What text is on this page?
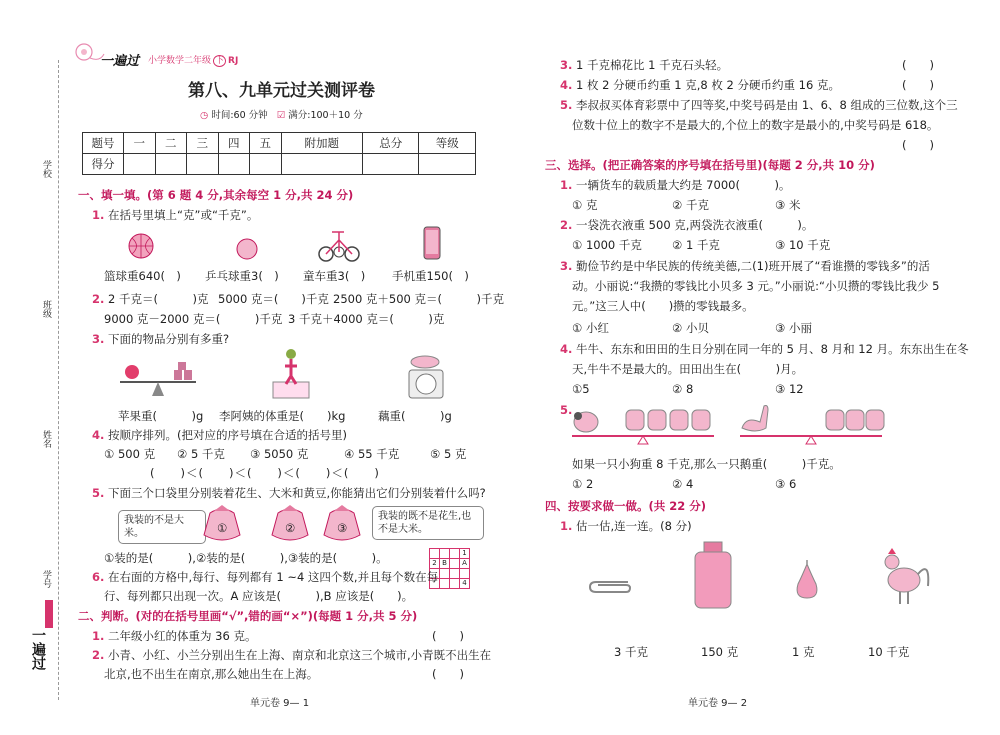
学校
班级
姓名
学号
一遍过
一遍过 小学数学二年级 下 RJ
第八、九单元过关测评卷
◷ 时间:60 分钟 ☑ 满分:100＋10 分
题号	一	二	三	四	五	附加题	总分	等级
得分								
一、填一填。(第 6 题 4 分,其余每空 1 分,共 24 分)
1. 在括号里填上“克”或“千克”。
篮球重640(　) 乒乓球重3(　) 童车重3(　) 手机重150(　)
2. 2 千克＝(　　　)克 5000 克＝(　　)千克 2500 克＋500 克＝(　　　)千克
9000 克－2000 克＝(　　　)千克 3 千克＋4000 克＝(　　　)克
3. 下面的物品分别有多重?
苹果重(　　　)g 李阿姨的体重是(　　)kg	藕重(　　　)g
4. 按顺序排列。(把对应的序号填在合适的括号里)
① 500 克 ② 5 千克 ③ 5050 克	④ 55 千克	⑤ 5 克
(　　)＜(　　)＜(　　)＜(　　)＜(　　)
5. 下面三个口袋里分别装着花生、大米和黄豆,你能猜出它们分别装着什么吗?
我装的不是大米。
我装的既不是花生,也不是大米。
①	②	③
①装的是(　　　),②装的是(　　　),③装的是(　　　)。
				1
2	B		A

			4
6. 在右面的方格中,每行、每列都有 1 ~4 这四个数,并且每个数在每
行、每列都只出现一次。A 应该是(　　　),B 应该是(　　)。
二、判断。(对的在括号里画“√”,错的画“×”)(每题 1 分,共 5 分)
1. 二年级小红的体重为 36 克。	(　　)
2. 小青、小红、小兰分别出生在上海、南京和北京这三个城市,小青既不出生在
北京,也不出生在南京,那么她出生在上海。	(　　)
单元卷 9— 1
3. 1 千克棉花比 1 千克石头轻。	(　　)
4. 1 枚 2 分硬币约重 1 克,8 枚 2 分硬币约重 16 克。	(　　)
5. 李叔叔买体育彩票中了四等奖,中奖号码是由 1、6、8 组成的三位数,这个三
位数十位上的数字不是最大的,个位上的数字是最小的,中奖号码是 618。
(　　)
三、选择。(把正确答案的序号填在括号里)(每题 2 分,共 10 分)
1. 一辆货车的载质量大约是 7000(　　　)。
① 克	② 千克	③ 米
2. 一袋洗衣液重 500 克,两袋洗衣液重(　　　)。
① 1000 千克	② 1 千克	③ 10 千克
3. 勤俭节约是中华民族的传统美德,二(1)班开展了“看谁攒的零钱多”的活
动。小丽说:“我攒的零钱比小贝多 3 元。”小丽说:“小贝攒的零钱比我少 5
元。”这三人中(　　)攒的零钱最多。
① 小红	② 小贝	③ 小丽
4. 牛牛、东东和田田的生日分别在同一年的 5 月、8 月和 12 月。东东出生在冬
天,牛牛不是最大的。田田出生在(　　　)月。
①5	② 8	③ 12
5.
如果一只小狗重 8 千克,那么一只鹅重(　　　)千克。
① 2	② 4	③ 6
四、按要求做一做。(共 22 分)
1. 估一估,连一连。(8 分)
3 千克	150 克	1 克	10 千克
单元卷 9— 2
